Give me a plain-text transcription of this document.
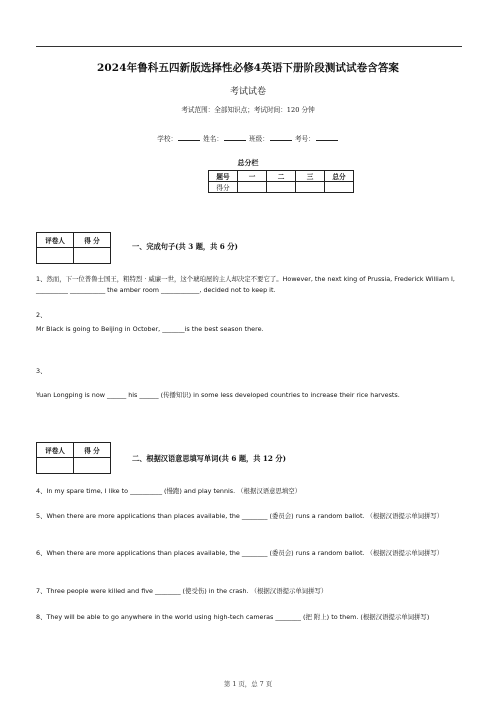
2024年鲁科五四新版选择性必修4英语下册阶段测试试卷含答案
考试试卷
考试范围：全部知识点；考试时间：120 分钟
学校：	姓名：	班级：	考号：
总分栏
题号	一	二	三	总分
得分				
评卷人	得 分

一、完成句子(共 3 题，共 6 分)
1、然而，下一位普鲁士国王，粗特烈 · 威廉一世，这个琥珀屋的主人却决定不要它了。However, the next king of Prussia, Frederick William I, __________ ___________ the amber room ____________, decided not to keep it.
2、
Mr Black is going to Beijing in October, _______is the best season there.
3、
Yuan Longping is now ______ his ______ (传播知识) in some less developed countries to increase their rice harvests.
评卷人	得 分

二、根据汉语意思填写单词(共 6 题，共 12 分)
4、In my spare time, I like to __________ (慢跑) and play tennis. （根据汉语意思填空）
5、When there are more applications than places available, the ________ (委员会) runs a random ballot. （根据汉语提示单词拼写）
6、When there are more applications than places available, the ________ (委员会) runs a random ballot. （根据汉语提示单词拼写）
7、Three people were killed and five ________ (使受伤) in the crash. （根据汉语提示单词拼写）
8、They will be able to go anywhere in the world using high-tech cameras ________ (把 附上) to them. (根据汉语提示单词拼写)
第 1 页，总 7 页
